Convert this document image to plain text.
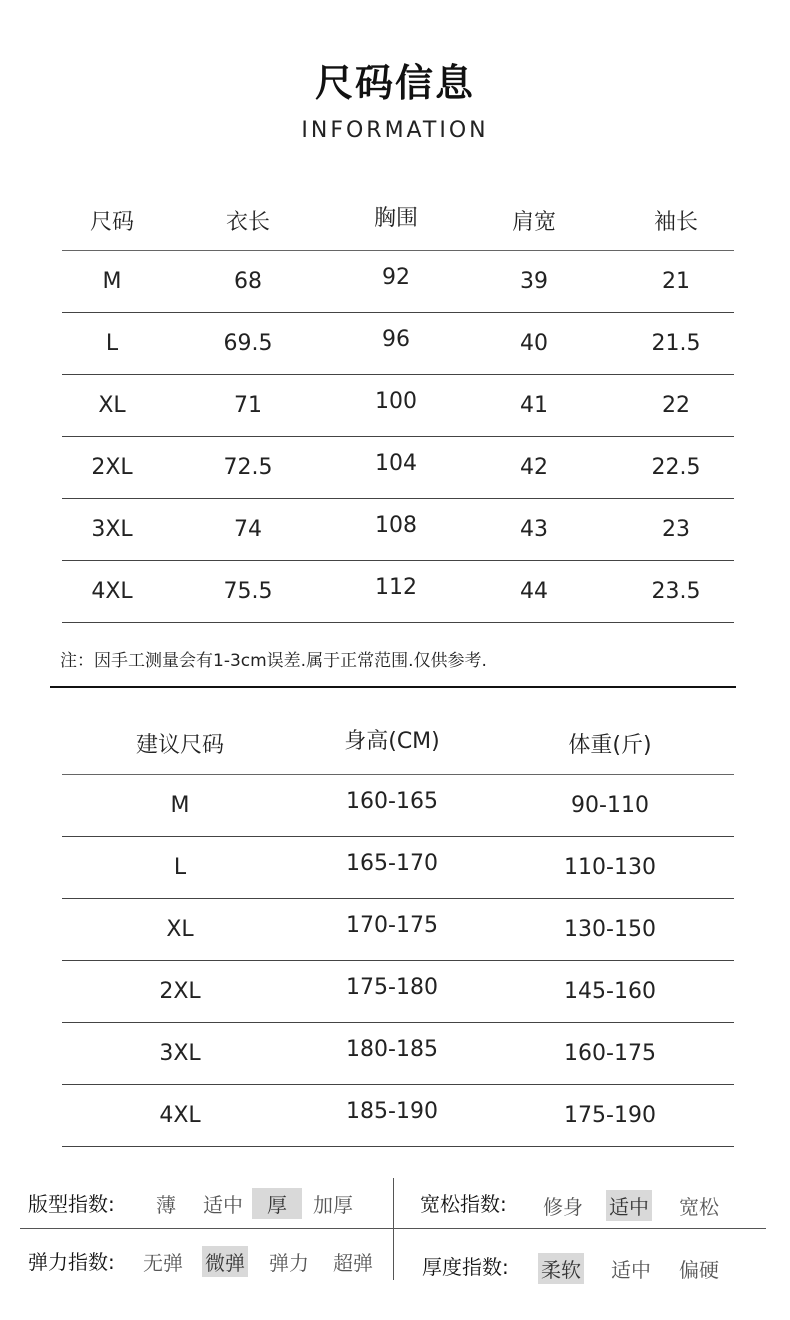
尺码信息
INFORMATION
尺码	衣长	胸围	肩宽	袖长
M	68	92	39	21
L	69.5	96	40	21.5
XL	71	100	41	22
2XL	72.5	104	42	22.5
3XL	74	108	43	23
4XL	75.5	112	44	23.5
注：因手工测量会有1-3cm误差.属于正常范围.仅供参考.
建议尺码	身高(CM)	体重(斤)
M	160-165	90-110
L	165-170	110-130
XL	170-175	130-150
2XL	175-180	145-160
3XL	180-185	160-175
4XL	185-190	175-190
版型指数: 薄 适中	厚	加厚	宽松指数: 修身 适中 宽松
弹力指数: 无弹 微弹 弹力 超弹 厚度指数: 柔软 适中 偏硬
